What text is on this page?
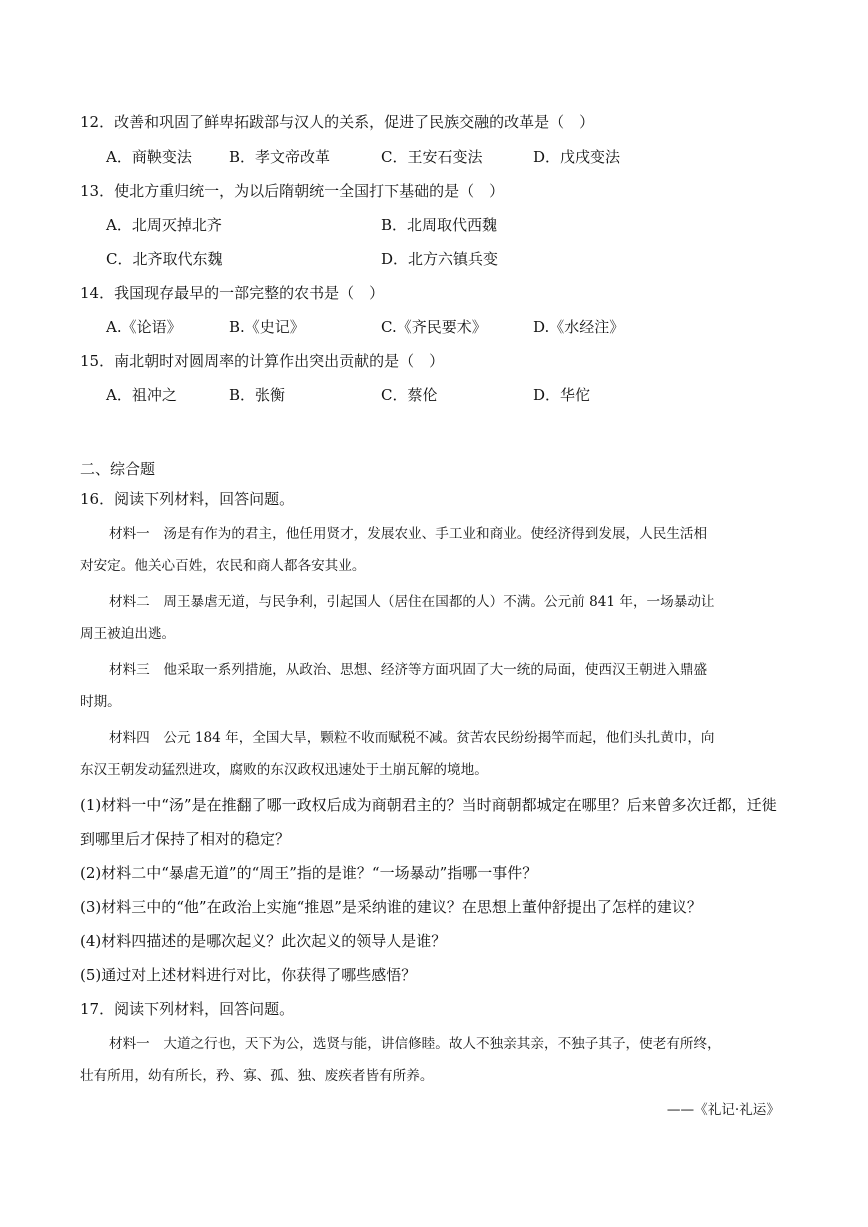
12．改善和巩固了鲜卑拓跋部与汉人的关系，促进了民族交融的改革是（　）
A．商鞅变法 B．孝文帝改革	C．王安石变法	D．戊戌变法
13．使北方重归统一，为以后隋朝统一全国打下基础的是（　）
A．北周灭掉北齐	B．北周取代西魏
C．北齐取代东魏	D．北方六镇兵变
14．我国现存最早的一部完整的农书是（　）
A.《论语》	B.《史记》	C.《齐民要术》	D.《水经注》
15．南北朝时对圆周率的计算作出突出贡献的是（　）
A．祖冲之	B．张衡	C．蔡伦	D．华佗
二、综合题
16．阅读下列材料，回答问题。
材料一　汤是有作为的君主，他任用贤才，发展农业、手工业和商业。使经济得到发展，人民生活相
对安定。他关心百姓，农民和商人都各安其业。
材料二　周王暴虐无道，与民争利，引起国人（居住在国都的人）不满。公元前 841 年，一场暴动让
周王被迫出逃。
材料三　他采取一系列措施，从政治、思想、经济等方面巩固了大一统的局面，使西汉王朝进入鼎盛
时期。
材料四　公元 184 年，全国大旱，颗粒不收而赋税不减。贫苦农民纷纷揭竿而起，他们头扎黄巾，向
东汉王朝发动猛烈进攻，腐败的东汉政权迅速处于土崩瓦解的境地。
(1)材料一中“汤”是在推翻了哪一政权后成为商朝君主的？当时商朝都城定在哪里？后来曾多次迁都，迁徙
到哪里后才保持了相对的稳定？
(2)材料二中“暴虐无道”的“周王”指的是谁？“一场暴动”指哪一事件？
(3)材料三中的“他”在政治上实施“推恩”是采纳谁的建议？在思想上董仲舒提出了怎样的建议？
(4)材料四描述的是哪次起义？此次起义的领导人是谁？
(5)通过对上述材料进行对比，你获得了哪些感悟？
17．阅读下列材料，回答问题。
材料一　大道之行也，天下为公，选贤与能，讲信修睦。故人不独亲其亲，不独子其子，使老有所终，
壮有所用，幼有所长，矜、寡、孤、独、废疾者皆有所养。
——《礼记·礼运》
